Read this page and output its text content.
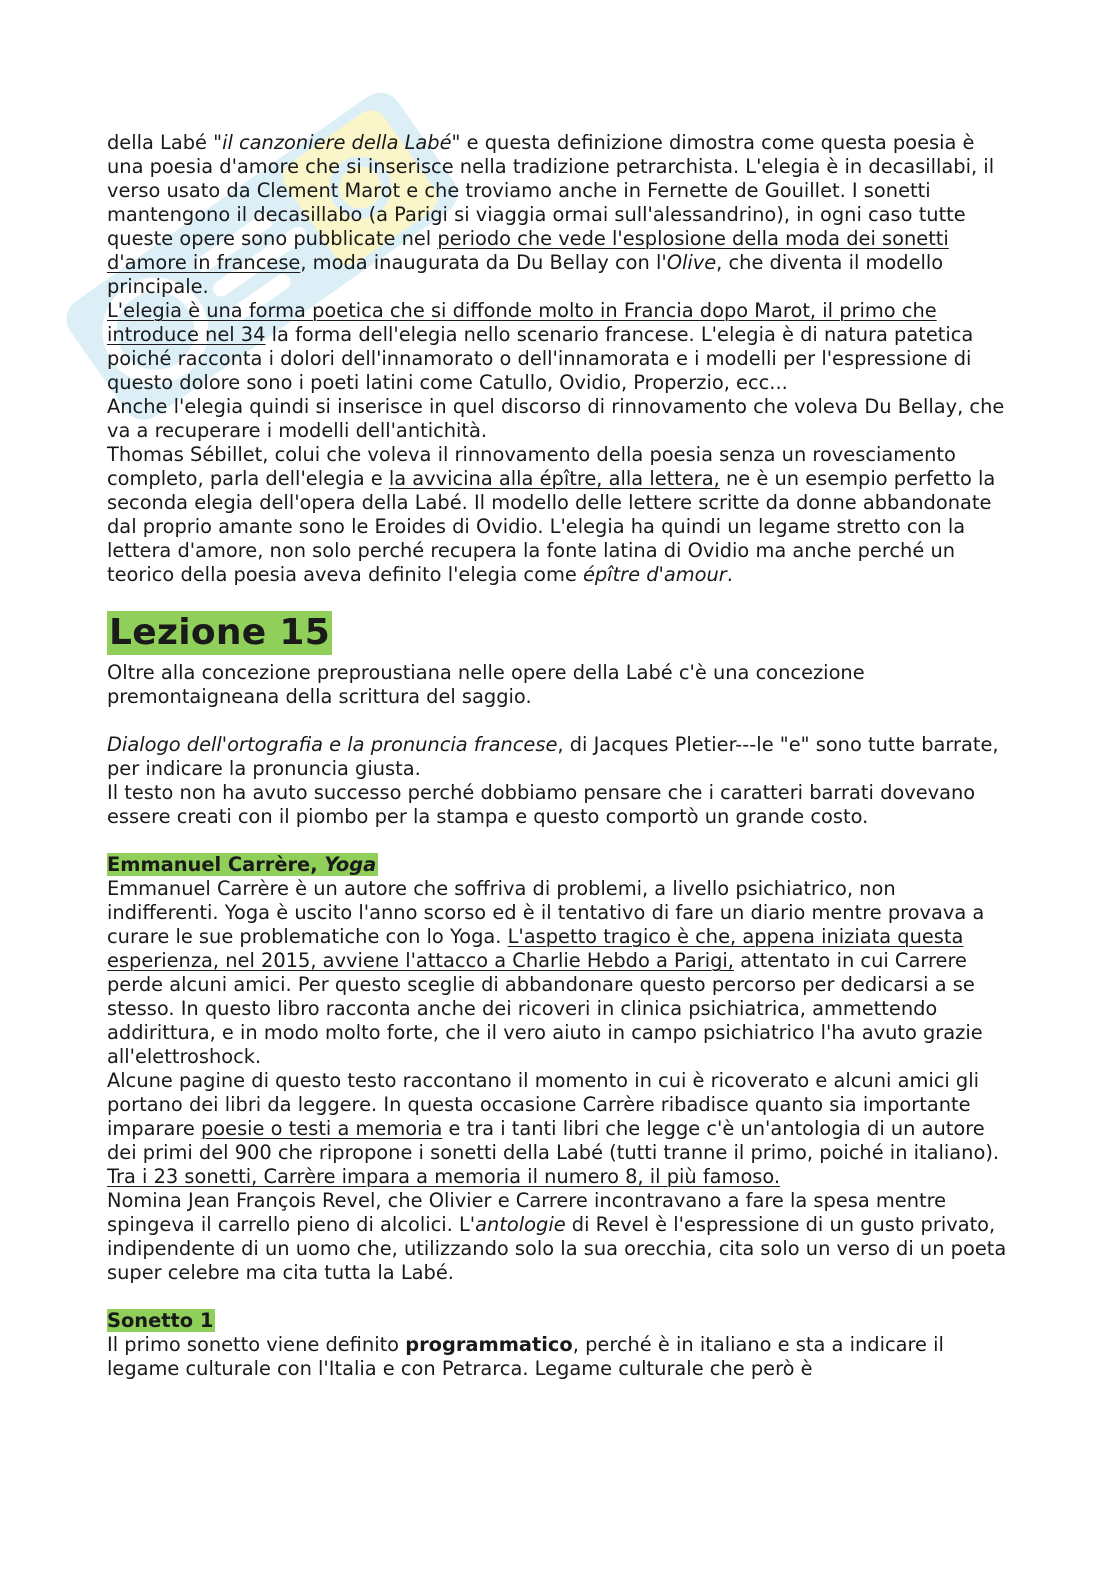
della Labé "il canzoniere della Labé" e questa definizione dimostra come questa poesia è una poesia d'amore che si inserisce nella tradizione petrarchista. L'elegia è in decasillabi, il verso usato da Clement Marot e che troviamo anche in Fernette de Gouillet. I sonetti mantengono il decasillabo (a Parigi si viaggia ormai sull'alessandrino), in ogni caso tutte queste opere sono pubblicate nel periodo che vede l'esplosione della moda dei sonetti d'amore in francese, moda inaugurata da Du Bellay con l'Olive, che diventa il modello principale.

L'elegia è una forma poetica che si diffonde molto in Francia dopo Marot, il primo che introduce nel 34 la forma dell'elegia nello scenario francese. L'elegia è di natura patetica poiché racconta i dolori dell'innamorato o dell'innamorata e i modelli per l'espressione di questo dolore sono i poeti latini come Catullo, Ovidio, Properzio, ecc...

Anche l'elegia quindi si inserisce in quel discorso di rinnovamento che voleva Du Bellay, che va a recuperare i modelli dell'antichità.

Thomas Sébillet, colui che voleva il rinnovamento della poesia senza un rovesciamento completo, parla dell'elegia e la avvicina alla épître, alla lettera, ne è un esempio perfetto la seconda elegia dell'opera della Labé. Il modello delle lettere scritte da donne abbandonate dal proprio amante sono le Eroides di Ovidio. L'elegia ha quindi un legame stretto con la lettera d'amore, non solo perché recupera la fonte latina di Ovidio ma anche perché un teorico della poesia aveva definito l'elegia come épître d'amour.

Lezione 15

Oltre alla concezione preproustiana nelle opere della Labé c'è una concezione premontaigneana della scrittura del saggio.

Dialogo dell'ortografia e la pronuncia francese, di Jacques Pletier---le "e" sono tutte barrate, per indicare la pronuncia giusta.

Il testo non ha avuto successo perché dobbiamo pensare che i caratteri barrati dovevano essere creati con il piombo per la stampa e questo comportò un grande costo.

Emmanuel Carrère, Yoga

Emmanuel Carrère è un autore che soffriva di problemi, a livello psichiatrico, non indifferenti. Yoga è uscito l'anno scorso ed è il tentativo di fare un diario mentre provava a curare le sue problematiche con lo Yoga. L'aspetto tragico è che, appena iniziata questa esperienza, nel 2015, avviene l'attacco a Charlie Hebdo a Parigi, attentato in cui Carrere perde alcuni amici. Per questo sceglie di abbandonare questo percorso per dedicarsi a se stesso. In questo libro racconta anche dei ricoveri in clinica psichiatrica, ammettendo addirittura, e in modo molto forte, che il vero aiuto in campo psichiatrico l'ha avuto grazie all'elettroshock.

Alcune pagine di questo testo raccontano il momento in cui è ricoverato e alcuni amici gli portano dei libri da leggere. In questa occasione Carrère ribadisce quanto sia importante imparare poesie o testi a memoria e tra i tanti libri che legge c'è un'antologia di un autore dei primi del 900 che ripropone i sonetti della Labé (tutti tranne il primo, poiché in italiano). Tra i 23 sonetti, Carrère impara a memoria il numero 8, il più famoso.

Nomina Jean François Revel, che Olivier e Carrere incontravano a fare la spesa mentre spingeva il carrello pieno di alcolici. L'antologie di Revel è l'espressione di un gusto privato, indipendente di un uomo che, utilizzando solo la sua orecchia, cita solo un verso di un poeta super celebre ma cita tutta la Labé.

Sonetto 1

Il primo sonetto viene definito programmatico, perché è in italiano e sta a indicare il legame culturale con l'Italia e con Petrarca. Legame culturale che però è
